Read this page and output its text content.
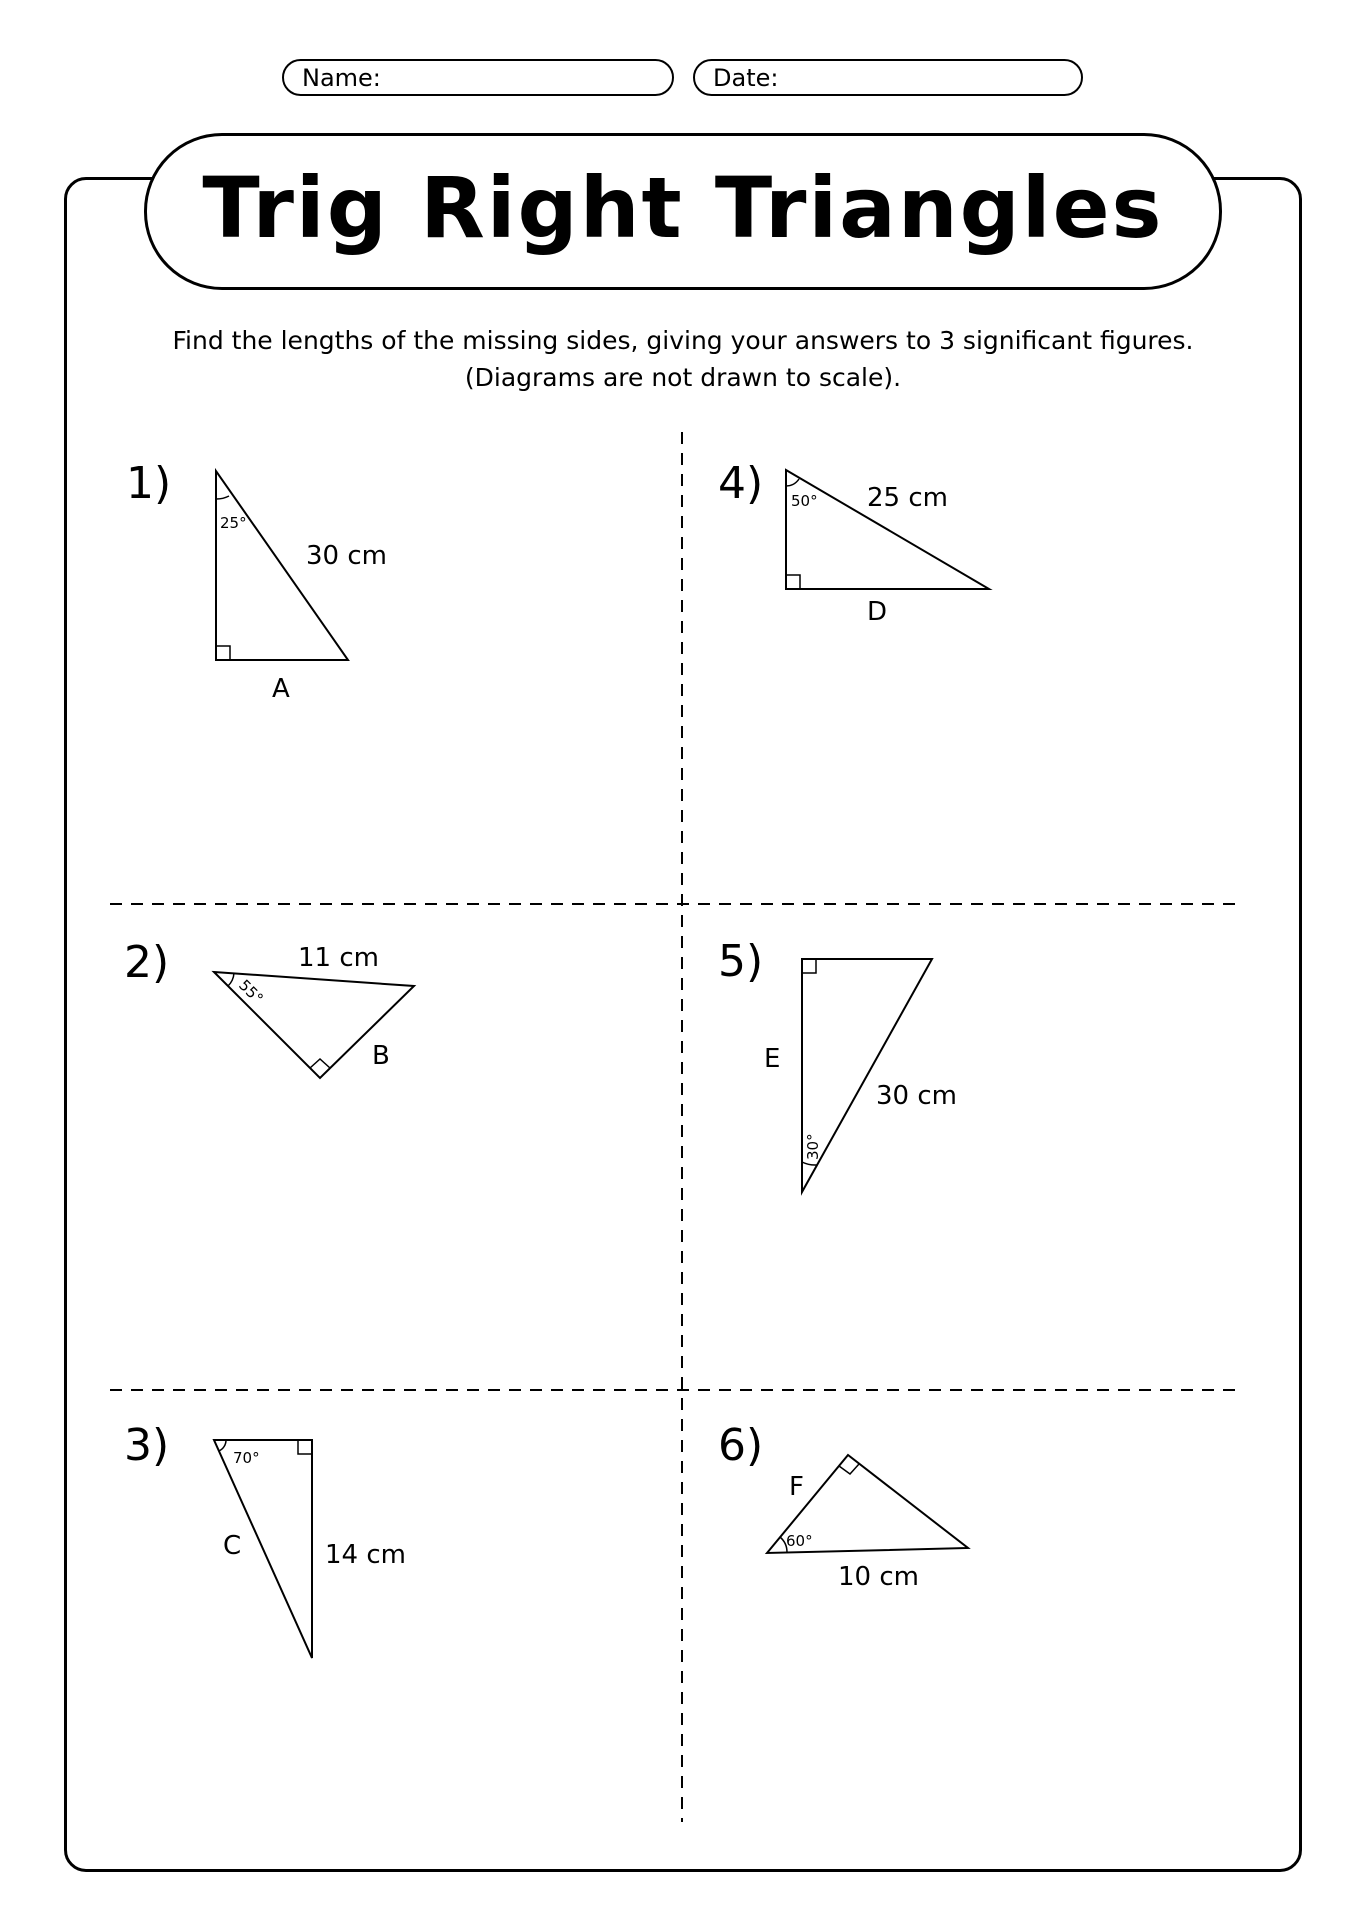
Name:	Date:
Trig Right Triangles
Find the lengths of the missing sides, giving your answers to 3 significant figures.
(Diagrams are not drawn to scale).
1)
25°
30 cm
A
2)
55°
11 cm
B
3)	70°
14 cm
C
4) 50° 25 cm
D
5)
30°
30 cm
E
6)
60°
10 cm
F
